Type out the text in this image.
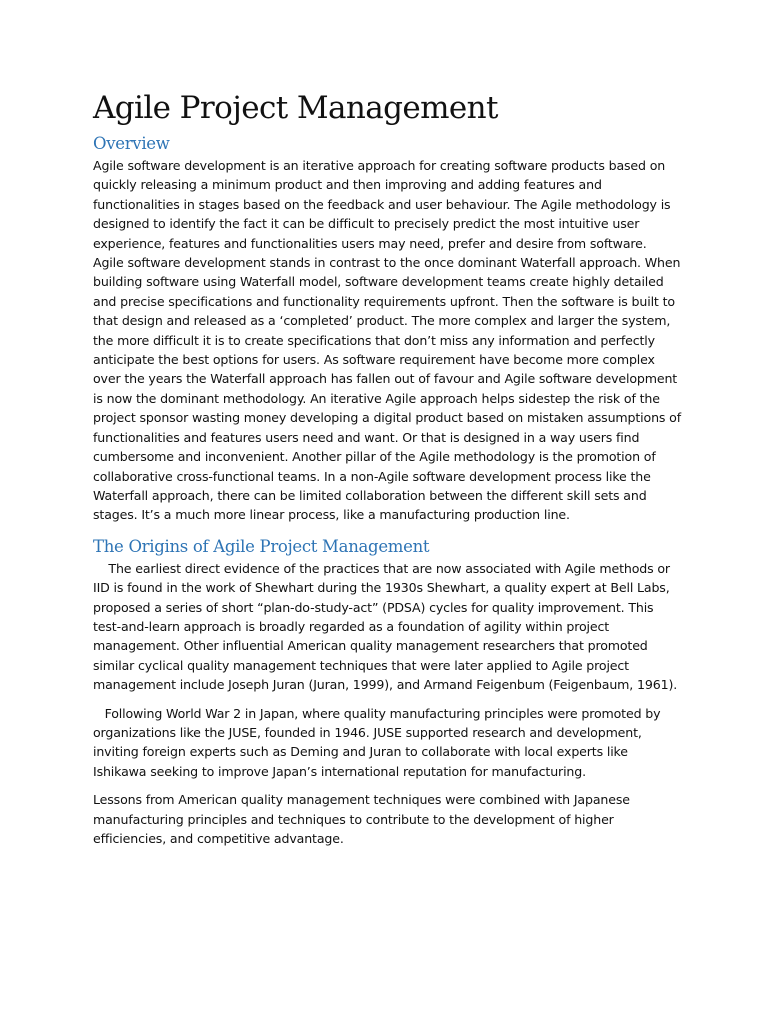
Agile Project Management
Overview

Agile software development is an iterative approach for creating software products based on quickly releasing a minimum product and then improving and adding features and functionalities in stages based on the feedback and user behaviour. The Agile methodology is designed to identify the fact it can be difficult to precisely predict the most intuitive user experience, features and functionalities users may need, prefer and desire from software. Agile software development stands in contrast to the once dominant Waterfall approach. When building software using Waterfall model, software development teams create highly detailed and precise specifications and functionality requirements upfront. Then the software is built to that design and released as a ‘completed’ product. The more complex and larger the system, the more difficult it is to create specifications that don’t miss any information and perfectly anticipate the best options for users. As software requirement have become more complex over the years the Waterfall approach has fallen out of favour and Agile software development is now the dominant methodology. An iterative Agile approach helps sidestep the risk of the project sponsor wasting money developing a digital product based on mistaken assumptions of functionalities and features users need and want. Or that is designed in a way users find cumbersome and inconvenient. Another pillar of the Agile methodology is the promotion of collaborative cross-functional teams. In a non-Agile software development process like the Waterfall approach, there can be limited collaboration between the different skill sets and stages. It’s a much more linear process, like a manufacturing production line.

The Origins of Agile Project Management

The earliest direct evidence of the practices that are now associated with Agile methods or IID is found in the work of Shewhart during the 1930s Shewhart, a quality expert at Bell Labs, proposed a series of short “plan-do-study-act” (PDSA) cycles for quality improvement. This test-and-learn approach is broadly regarded as a foundation of agility within project management. Other influential American quality management researchers that promoted similar cyclical quality management techniques that were later applied to Agile project management include Joseph Juran (Juran, 1999), and Armand Feigenbum (Feigenbaum, 1961).

Following World War 2 in Japan, where quality manufacturing principles were promoted by organizations like the JUSE, founded in 1946. JUSE supported research and development, inviting foreign experts such as Deming and Juran to collaborate with local experts like Ishikawa seeking to improve Japan’s international reputation for manufacturing.

Lessons from American quality management techniques were combined with Japanese manufacturing principles and techniques to contribute to the development of higher efficiencies, and competitive advantage.
